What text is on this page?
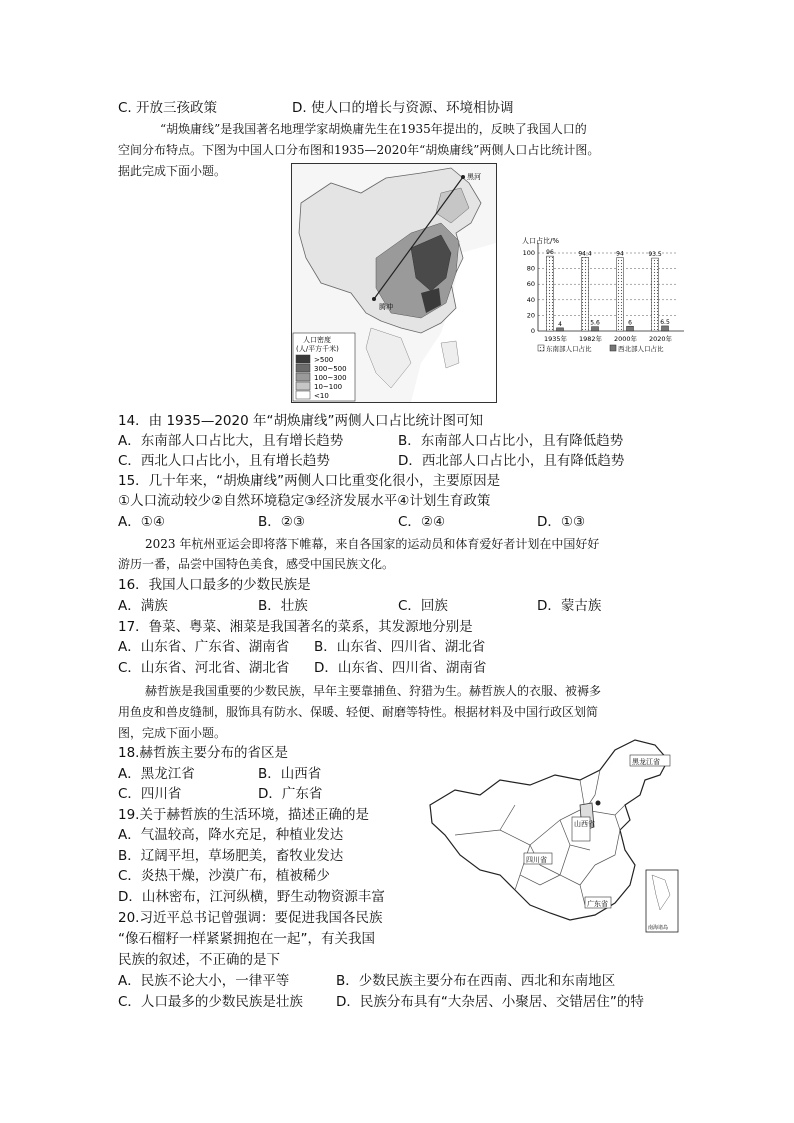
C. 开放三孩政策	D. 使人口的增长与资源、环境相协调
“胡焕庸线”是我国著名地理学家胡焕庸先生在1935年提出的，反映了我国人口的
空间分布特点。下图为中国人口分布图和1935—2020年“胡焕庸线”两侧人口占比统计图。
据此完成下面小题。	黑河
腾冲
人口密度
(人/平方千米)
>500
300~500
100~300
10~100
<10
人口占比/%
0
20
40
60
80
100 96
4
1935年
94.4
5.6
1982年
94
6
2000年
93.5
6.5
2020年
东南部人口占比	西北部人口占比
14．由 1935—2020 年“胡焕庸线”两侧人口占比统计图可知
A．东南部人口占比大，且有增长趋势	B．东南部人口占比小，且有降低趋势
C．西北人口占比小，且有增长趋势	D．西北部人口占比小，且有降低趋势
15．几十年来，“胡焕庸线”两侧人口比重变化很小，主要原因是
①人口流动较少②自然环境稳定③经济发展水平④计划生育政策
A．①④	B．②③	C．②④	D．①③
2023 年杭州亚运会即将落下帷幕，来自各国家的运动员和体育爱好者计划在中国好好
游历一番，品尝中国特色美食，感受中国民族文化。
16．我国人口最多的少数民族是
A．满族	B．壮族	C．回族	D．蒙古族
17．鲁菜、粤菜、湘菜是我国著名的菜系，其发源地分别是
A．山东省、广东省、湖南省 B．山东省、四川省、湖北省
C．山东省、河北省、湖北省 D．山东省、四川省、湖南省
赫哲族是我国重要的少数民族，早年主要靠捕鱼、狩猎为生。赫哲族人的衣服、被褥多
用鱼皮和兽皮缝制，服饰具有防水、保暖、轻便、耐磨等特性。根据材料及中国行政区划简
图，完成下面小题。
18.赫哲族主要分布的省区是
A．黑龙江省	B．山西省
C．四川省	D．广东省
19.关于赫哲族的生活环境，描述正确的是
A．气温较高，降水充足，种植业发达
B．辽阔平坦，草场肥美，畜牧业发达
C．炎热干燥，沙漠广布，植被稀少
D．山林密布，江河纵横，野生动物资源丰富
20.习近平总书记曾强调：要促进我国各民族
“像石榴籽一样紧紧拥抱在一起”，有关我国
民族的叙述，不正确的是下
A．民族不论大小，一律平等	B．少数民族主要分布在西南、西北和东南地区
C．人口最多的少数民族是壮族 D．民族分布具有“大杂居、小聚居、交错居住”的特
黑龙江省
山西省
四川省
广东省
南海诸岛
